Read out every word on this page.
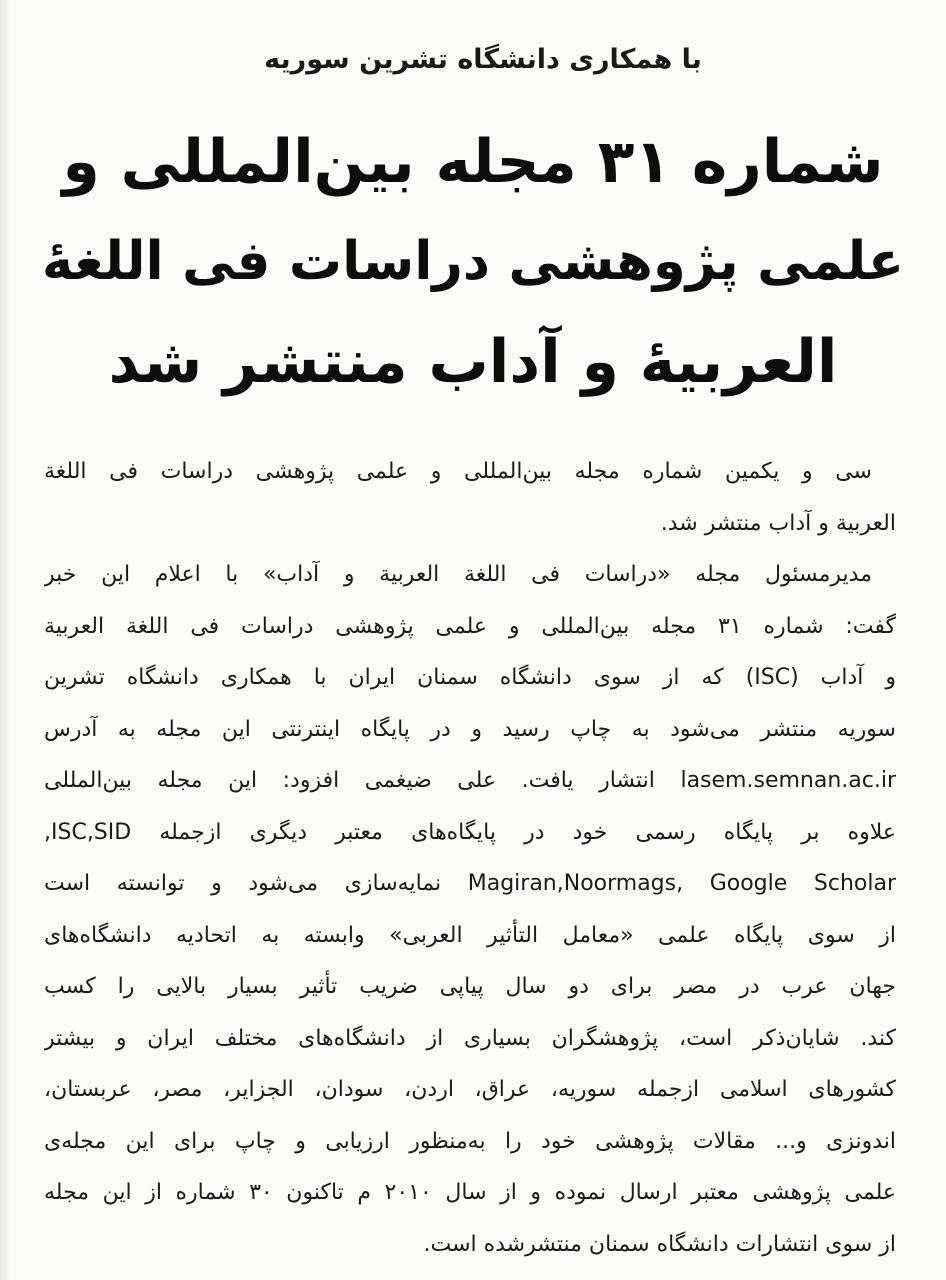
با همکاری دانشگاه تشرین سوریه
شماره ۳۱ مجله بین‌المللی و
علمی پژوهشی دراسات فی اللغهٔ
العربیهٔ و آداب منتشر شد
سی و یکمین شماره مجله بین‌المللی و علمی پژوهشی دراسات فی اللغة
العربیة و آداب منتشر شد.
مدیرمسئول مجله «دراسات فی اللغة العربیة و آداب» با اعلام این خبر
گفت: شماره ۳۱ مجله بین‌المللی و علمی پژوهشی دراسات فی اللغة العربیة
و آداب (ISC) که از سوی دانشگاه سمنان ایران با همکاری دانشگاه تشرین
سوریه منتشر می‌شود به چاپ رسید و در پایگاه اینترنتی این مجله به آدرس
lasem.semnan.ac.ir انتشار یافت. علی ضیغمی افزود: این مجله بین‌المللی
علاوه بر پایگاه رسمی خود در پایگاه‌های معتبر دیگری ازجمله ISC,SID,
Magiran,Noormags, Google Scholar نمایه‌سازی می‌شود و توانسته است
از سوی پایگاه علمی «معامل التأثیر العربی» وابسته به اتحادیه دانشگاه‌های
جهان عرب در مصر برای دو سال پیاپی ضریب تأثیر بسیار بالایی را کسب
کند. شایان‌ذکر است، پژوهشگران بسیاری از دانشگاه‌های مختلف ایران و بیشتر
کشورهای اسلامی ازجمله سوریه، عراق، اردن، سودان، الجزایر، مصر، عربستان،
اندونزی و... مقالات پژوهشی خود را به‌منظور ارزیابی و چاپ برای این مجله‌ی
علمی پژوهشی معتبر ارسال نموده و از سال ۲۰۱۰ م تاکنون ۳۰ شماره از این مجله
از سوی انتشارات دانشگاه سمنان منتشرشده است.
